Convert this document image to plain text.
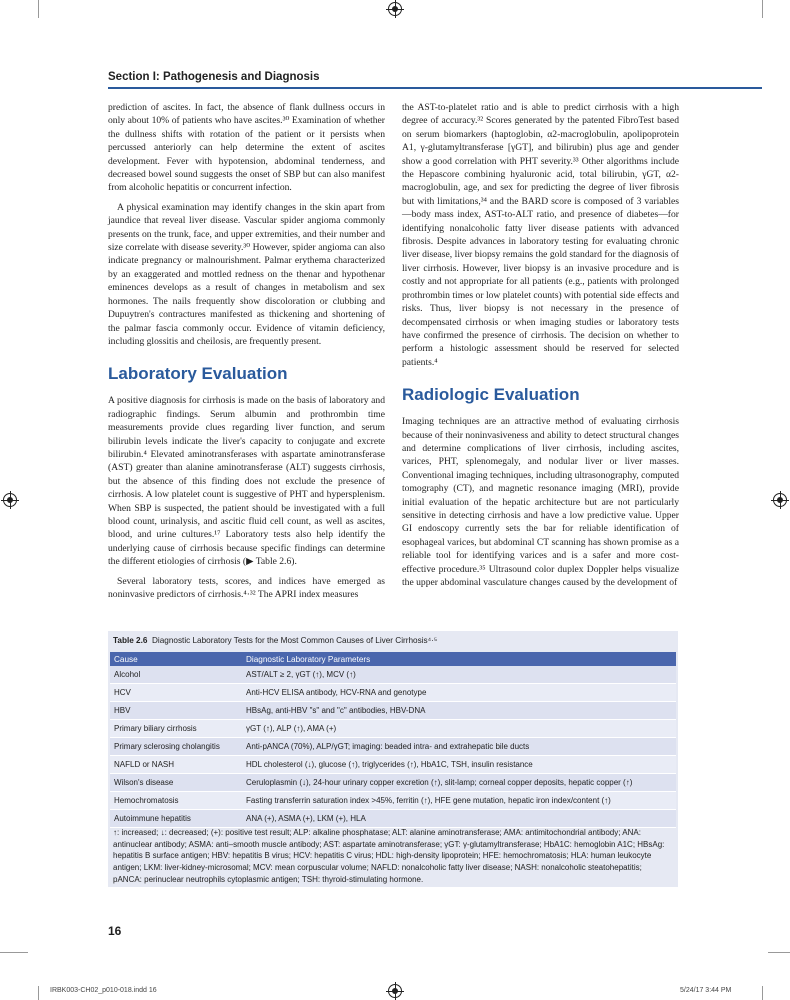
Section I: Pathogenesis and Diagnosis

prediction of ascites. In fact, the absence of flank dullness occurs in only about 10% of patients who have ascites.³⁰ Examination of whether the dullness shifts with rotation of the patient or it persists when percussed anteriorly can help determine the extent of ascites development. Fever with hypotension, abdominal tenderness, and decreased bowel sound suggests the onset of SBP but can also manifest from alcoholic hepatitis or concurrent infection.

A physical examination may identify changes in the skin apart from jaundice that reveal liver disease. Vascular spider angioma commonly presents on the trunk, face, and upper extremities, and their number and size correlate with disease severity.³⁰ However, spider angioma can also indicate pregnancy or malnourishment. Palmar erythema characterized by an exaggerated and mottled redness on the thenar and hypothenar eminences develops as a result of changes in metabolism and sex hormones. The nails frequently show discoloration or clubbing and Dupuytren's contractures manifested as thickening and shortening of the palmar fascia commonly occur. Evidence of vitamin deficiency, including glossitis and cheilosis, are frequently present.

Laboratory Evaluation

A positive diagnosis for cirrhosis is made on the basis of laboratory and radiographic findings. Serum albumin and prothrombin time measurements provide clues regarding liver function, and serum bilirubin levels indicate the liver's capacity to conjugate and excrete bilirubin.⁴ Elevated aminotransferases with aspartate aminotransferase (AST) greater than alanine aminotransferase (ALT) suggests cirrhosis, but the absence of this finding does not exclude the presence of cirrhosis. A low platelet count is suggestive of PHT and hypersplenism. When SBP is suspected, the patient should be investigated with a full blood count, urinalysis, and ascitic fluid cell count, as well as ascites, blood, and urine cultures.¹⁷ Laboratory tests also help identify the underlying cause of cirrhosis because specific findings can determine the different etiologies of cirrhosis (▶ Table 2.6).

Several laboratory tests, scores, and indices have emerged as noninvasive predictors of cirrhosis.⁴·³² The APRI index measures

the AST-to-platelet ratio and is able to predict cirrhosis with a high degree of accuracy.³² Scores generated by the patented FibroTest based on serum biomarkers (haptoglobin, α2-macroglobulin, apolipoprotein A1, γ-glutamyltransferase [γGT], and bilirubin) plus age and gender show a good correlation with PHT severity.³³ Other algorithms include the Hepascore combining hyaluronic acid, total bilirubin, γGT, α2-macroglobulin, age, and sex for predicting the degree of liver fibrosis but with limitations,³⁴ and the BARD score is composed of 3 variables—body mass index, AST-to-ALT ratio, and presence of diabetes—for identifying nonalcoholic fatty liver disease patients with advanced fibrosis. Despite advances in laboratory testing for evaluating chronic liver disease, liver biopsy remains the gold standard for the diagnosis of liver cirrhosis. However, liver biopsy is an invasive procedure and is costly and not appropriate for all patients (e.g., patients with prolonged prothrombin times or low platelet counts) with potential side effects and risks. Thus, liver biopsy is not necessary in the presence of decompensated cirrhosis or when imaging studies or laboratory tests have confirmed the presence of cirrhosis. The decision on whether to perform a histologic assessment should be reserved for selected patients.⁴

Radiologic Evaluation

Imaging techniques are an attractive method of evaluating cirrhosis because of their noninvasiveness and ability to detect structural changes and determine complications of liver cirrhosis, including ascites, varices, PHT, splenomegaly, and nodular liver or liver masses. Conventional imaging techniques, including ultrasonography, computed tomography (CT), and magnetic resonance imaging (MRI), provide initial evaluation of the hepatic architecture but are not particularly sensitive in detecting cirrhosis and have a low predictive value. Upper GI endoscopy currently sets the bar for reliable identification of esophageal varices, but abdominal CT scanning has shown promise as a reliable tool for identifying varices and is a safer and more cost-effective procedure.³⁵ Ultrasound color duplex Doppler helps visualize the upper abdominal vasculature changes caused by the development of

Table 2.6 Diagnostic Laboratory Tests for the Most Common Causes of Liver Cirrhosis⁴·⁵
Cause	Diagnostic Laboratory Parameters
Alcohol	AST/ALT ≥ 2, γGT (↑), MCV (↑)
HCV	Anti-HCV ELISA antibody, HCV-RNA and genotype
HBV	HBsAg, anti-HBV "s" and "c" antibodies, HBV-DNA
Primary biliary cirrhosis	γGT (↑), ALP (↑), AMA (+)
Primary sclerosing cholangitis	Anti-pANCA (70%), ALP/γGT; imaging: beaded intra- and extrahepatic bile ducts
NAFLD or NASH	HDL cholesterol (↓), glucose (↑), triglycerides (↑), HbA1C, TSH, insulin resistance
Wilson's disease	Ceruloplasmin (↓), 24-hour urinary copper excretion (↑), slit-lamp; corneal copper deposits, hepatic copper (↑)
Hemochromatosis	Fasting transferrin saturation index >45%, ferritin (↑), HFE gene mutation, hepatic iron index/content (↑)
Autoimmune hepatitis	ANA (+), ASMA (+), LKM (+), HLA
↑: increased; ↓: decreased; (+): positive test result; ALP: alkaline phosphatase; ALT: alanine aminotransferase; AMA: antimitochondrial antibody; ANA: antinuclear antibody; ASMA: anti–smooth muscle antibody; AST: aspartate aminotransferase; γGT: γ-glutamyltransferase; HbA1C: hemoglobin A1C; HBsAg: hepatitis B surface antigen; HBV: hepatitis B virus; HCV: hepatitis C virus; HDL: high-density lipoprotein; HFE: hemochromatosis; HLA: human leukocyte antigen; LKM: liver-kidney-microsomal; MCV: mean corpuscular volume; NAFLD: nonalcoholic fatty liver disease; NASH: nonalcoholic steatohepatitis; pANCA: perinuclear neutrophils cytoplasmic antigen; TSH: thyroid-stimulating hormone.
16
IRBK003-CH02_p010-018.indd 16	5/24/17 3:44 PM
